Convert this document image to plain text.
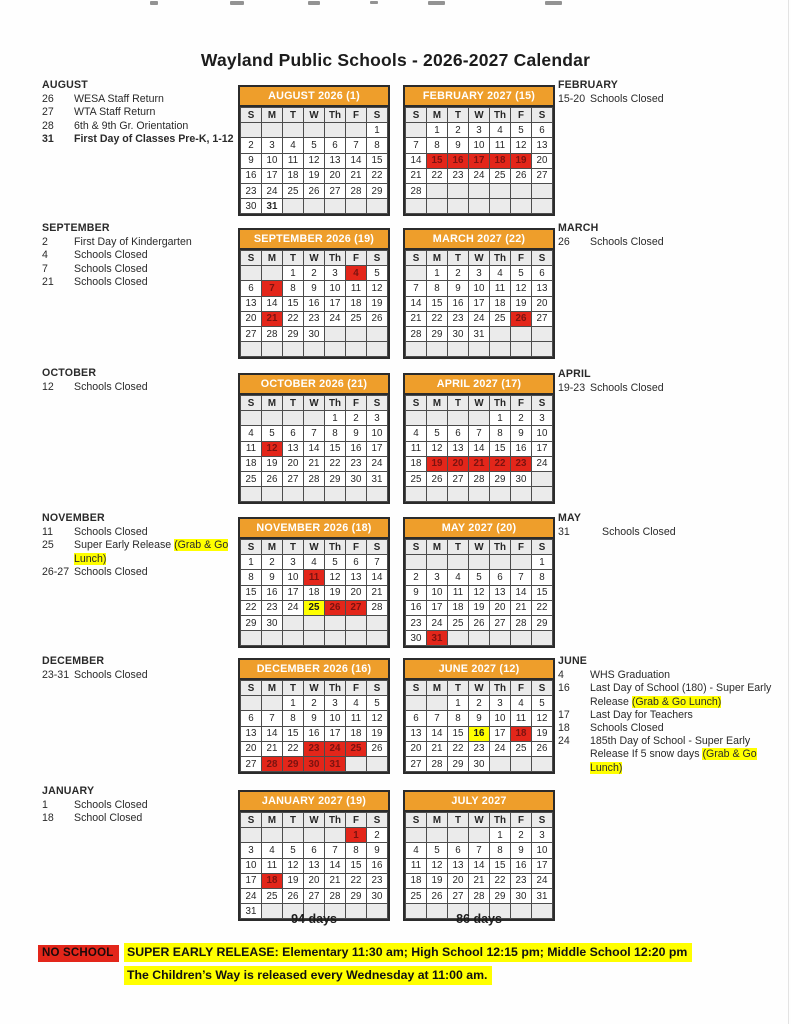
Wayland Public Schools - 2026-2027 Calendar
AUGUST 2026 (1)
S	M	T	W	Th	F	S
						1
2	3	4	5	6	7	8
9	10	11	12	13	14	15
16	17	18	19	20	21	22
23	24	25	26	27	28	29
30	31					
FEBRUARY 2027 (15)
S	M	T	W	Th	F	S
	1	2	3	4	5	6
7	8	9	10	11	12	13
14	15	16	17	18	19	20
21	22	23	24	25	26	27
28						

SEPTEMBER 2026 (19)
S	M	T	W	Th	F	S
		1	2	3	4	5
6	7	8	9	10	11	12
13	14	15	16	17	18	19
20	21	22	23	24	25	26
27	28	29	30			

MARCH 2027 (22)
S	M	T	W	Th	F	S
	1	2	3	4	5	6
7	8	9	10	11	12	13
14	15	16	17	18	19	20
21	22	23	24	25	26	27
28	29	30	31			

OCTOBER 2026 (21)
S	M	T	W	Th	F	S
				1	2	3
4	5	6	7	8	9	10
11	12	13	14	15	16	17
18	19	20	21	22	23	24
25	26	27	28	29	30	31

APRIL 2027 (17)
S	M	T	W	Th	F	S
				1	2	3
4	5	6	7	8	9	10
11	12	13	14	15	16	17
18	19	20	21	22	23	24
25	26	27	28	29	30	

NOVEMBER 2026 (18)
S	M	T	W	Th	F	S
1	2	3	4	5	6	7
8	9	10	11	12	13	14
15	16	17	18	19	20	21
22	23	24	25	26	27	28
29	30					

MAY 2027 (20)
S	M	T	W	Th	F	S
						1
2	3	4	5	6	7	8
9	10	11	12	13	14	15
16	17	18	19	20	21	22
23	24	25	26	27	28	29
30	31					
DECEMBER 2026 (16)
S	M	T	W	Th	F	S
		1	2	3	4	5
6	7	8	9	10	11	12
13	14	15	16	17	18	19
20	21	22	23	24	25	26
27	28	29	30	31		
JUNE 2027 (12)
S	M	T	W	Th	F	S
		1	2	3	4	5
6	7	8	9	10	11	12
13	14	15	16	17	18	19
20	21	22	23	24	25	26
27	28	29	30			
JANUARY 2027 (19)
S	M	T	W	Th	F	S
					1	2
3	4	5	6	7	8	9
10	11	12	13	14	15	16
17	18	19	20	21	22	23
24	25	26	27	28	29	30
31						
JULY 2027
S	M	T	W	Th	F	S
				1	2	3
4	5	6	7	8	9	10
11	12	13	14	15	16	17
18	19	20	21	22	23	24
25	26	27	28	29	30	31

94 days	86 days
AUGUST
26	WESA Staff Return
27	WTA Staff Return
28	6th & 9th Gr. Orientation
31	First Day of Classes Pre-K, 1-12
SEPTEMBER
2	First Day of Kindergarten
4	Schools Closed
7	Schools Closed
21	Schools Closed
OCTOBER
12	Schools Closed
NOVEMBER
11	Schools Closed
25	Super Early Release (Grab & Go Lunch)
26-27 Schools Closed
DECEMBER
23-31 Schools Closed
JANUARY
1	Schools Closed
18	School Closed
FEBRUARY
15-20 Schools Closed
MARCH
26	Schools Closed
APRIL
19-23 Schools Closed
MAY
31	Schools Closed
JUNE
4	WHS Graduation
16	Last Day of School (180) - Super Early Release (Grab & Go Lunch)
17	Last Day for Teachers
18	Schools Closed
24	185th Day of School - Super Early Release If 5 snow days (Grab & Go Lunch)
NO SCHOOL	SUPER EARLY RELEASE: Elementary 11:30 am; High School 12:15 pm; Middle School 12:20 pm
The Children’s Way is released every Wednesday at 11:00 am.
